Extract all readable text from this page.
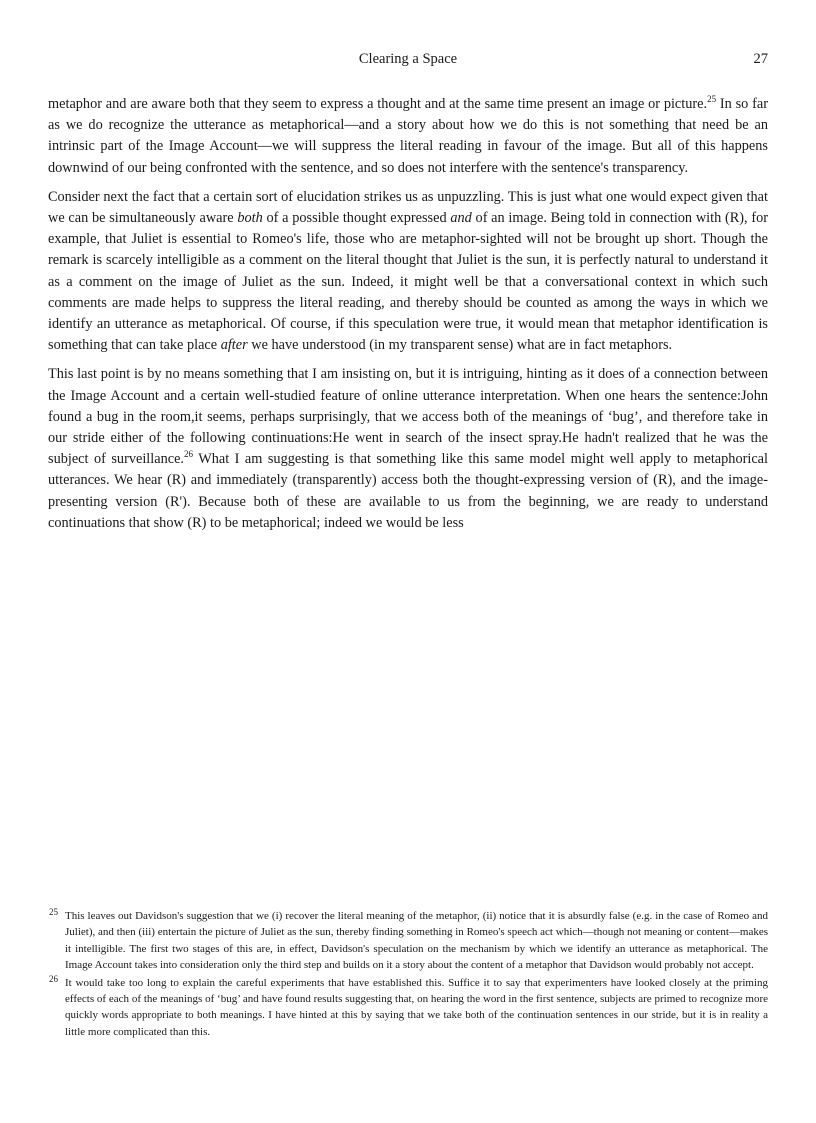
Clearing a Space	27

metaphor and are aware both that they seem to express a thought and at the same time present an image or picture.$^{25}$ In so far as we do recognize the utterance as metaphorical—and a story about how we do this is not something that need be an intrinsic part of the Image Account—we will suppress the literal reading in favour of the image. But all of this happens downwind of our being confronted with the sentence, and so does not interfere with the sentence's transparency.

Consider next the fact that a certain sort of elucidation strikes us as unpuzzling. This is just what one would expect given that we can be simultaneously aware both of a possible thought expressed and of an image. Being told in connection with (R), for example, that Juliet is essential to Romeo's life, those who are metaphor-sighted will not be brought up short. Though the remark is scarcely intelligible as a comment on the literal thought that Juliet is the sun, it is perfectly natural to understand it as a comment on the image of Juliet as the sun. Indeed, it might well be that a conversational context in which such comments are made helps to suppress the literal reading, and thereby should be counted as among the ways in which we identify an utterance as metaphorical. Of course, if this speculation were true, it would mean that metaphor identification is something that can take place after we have understood (in my transparent sense) what are in fact metaphors.

This last point is by no means something that I am insisting on, but it is intriguing, hinting as it does of a connection between the Image Account and a certain well-studied feature of online utterance interpretation. When one hears the sentence:John found a bug in the room,it seems, perhaps surprisingly, that we access both of the meanings of ‘bug’, and therefore take in our stride either of the following continuations:He went in search of the insect spray.He hadn't realized that he was the subject of surveillance.$^{26}$ What I am suggesting is that something like this same model might well apply to metaphorical utterances. We hear (R) and immediately (transparently) access both the thought-expressing version of (R), and the image-presenting version (R'). Because both of these are available to us from the beginning, we are ready to understand continuations that show (R) to be metaphorical; indeed we would be less

25 This leaves out Davidson's suggestion that we (i) recover the literal meaning of the metaphor, (ii) notice that it is absurdly false (e.g. in the case of Romeo and Juliet), and then (iii) entertain the picture of Juliet as the sun, thereby finding something in Romeo's speech act which—though not meaning or content—makes it intelligible. The first two stages of this are, in effect, Davidson's speculation on the mechanism by which we identify an utterance as metaphorical. The Image Account takes into consideration only the third step and builds on it a story about the content of a metaphor that Davidson would probably not accept.
26 It would take too long to explain the careful experiments that have established this. Suffice it to say that experimenters have looked closely at the priming effects of each of the meanings of ‘bug’ and have found results suggesting that, on hearing the word in the first sentence, subjects are primed to recognize more quickly words appropriate to both meanings. I have hinted at this by saying that we take both of the continuation sentences in our stride, but it is in reality a little more complicated than this.
